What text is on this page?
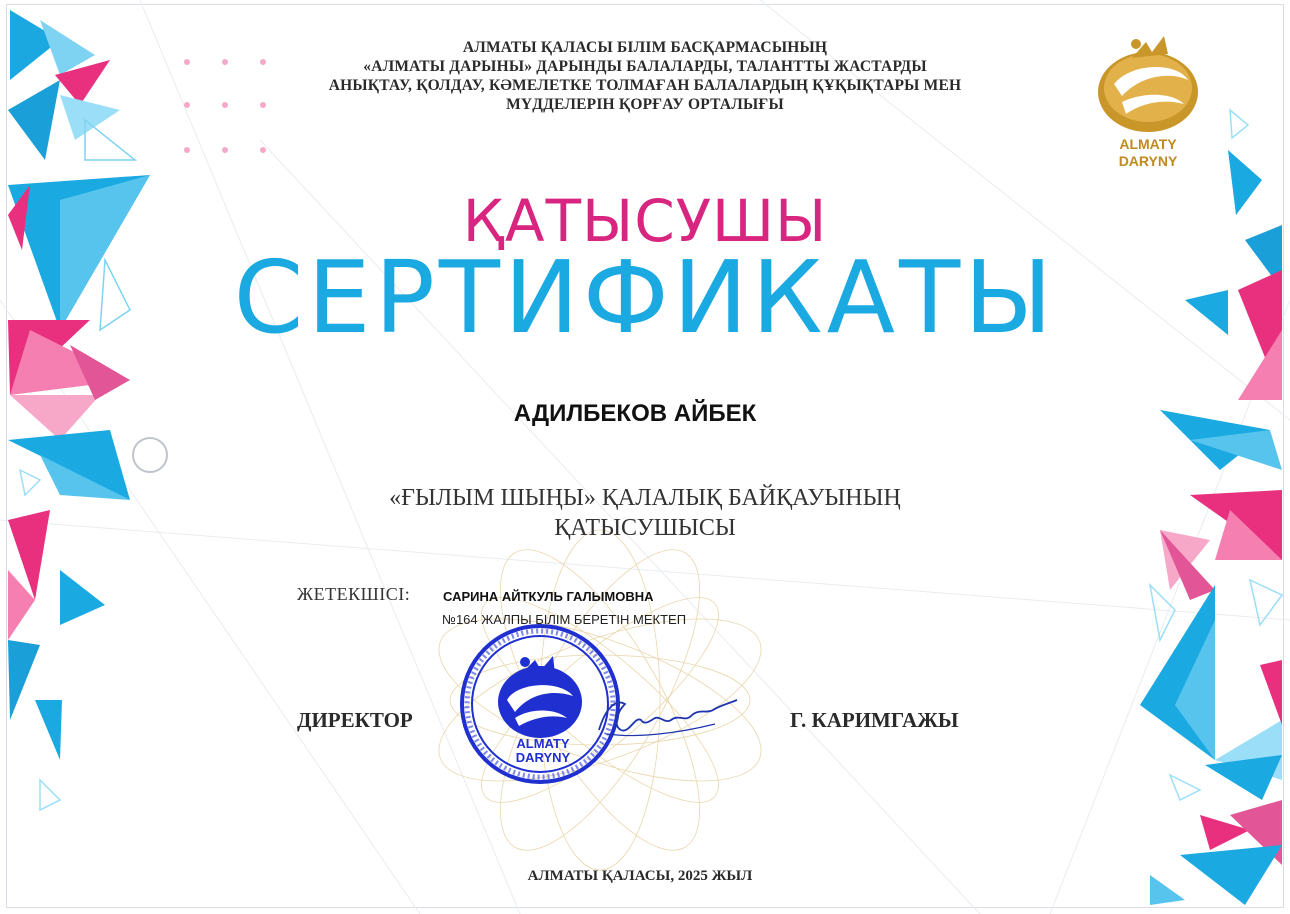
АЛМАТЫ ҚАЛАСЫ БІЛІМ БАСҚАРМАСЫНЫҢ
«АЛМАТЫ ДАРЫНЫ» ДАРЫНДЫ БАЛАЛАРДЫ, ТАЛАНТТЫ ЖАСТАРДЫ
АНЫҚТАУ, ҚОЛДАУ, КӘМЕЛЕТКЕ ТОЛМАҒАН БАЛАЛАРДЫҢ ҚҰҚЫҚТАРЫ МЕН
МҮДДЕЛЕРІН ҚОРҒАУ ОРТАЛЫҒЫ
ALMATY
DARYNY
ҚАТЫСУШЫ
СЕРТИФИКАТЫ
АДИЛБЕКОВ АЙБЕК
«ҒЫЛЫМ ШЫҢЫ» ҚАЛАЛЫҚ БАЙҚАУЫНЫҢ
ҚАТЫСУШЫСЫ
ЖЕТЕКШІСІ:	САРИНА АЙТКУЛЬ ГАЛЫМОВНА
№164 ЖАЛПЫ БІЛІМ БЕРЕТІН МЕКТЕП
ALMATY
DARYNY
ДИРЕКТОР	Г. КАРИМГАЖЫ
АЛМАТЫ ҚАЛАСЫ, 2025 ЖЫЛ
